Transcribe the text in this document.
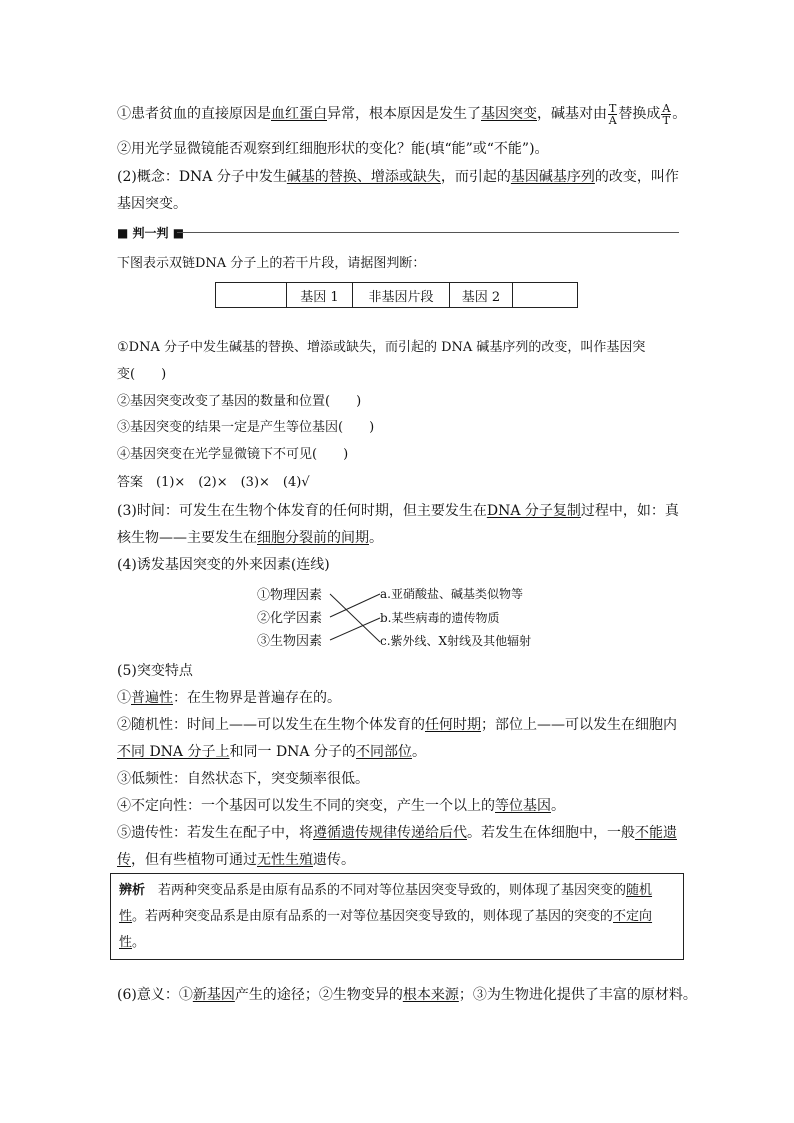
①患者贫血的直接原因是血红蛋白异常，根本原因是发生了基因突变，碱基对由 $\frac{T}{A}$ 替换成 $\frac{A}{T}$ 。
②用光学显微镜能否观察到红细胞形状的变化？能(填“能”或“不能”)。
(2)概念：DNA 分子中发生碱基的替换、增添或缺失，而引起的基因碱基序列的改变，叫作
基因突变。
■ 判一判 ■
下图表示双链DNA 分子上的若干片段，请据图判断：
	基因 1	非基因片段	基因 2	
①DNA 分子中发生碱基的替换、增添或缺失，而引起的 DNA 碱基序列的改变，叫作基因突
变(　　)
②基因突变改变了基因的数量和位置(　　)
③基因突变的结果一定是产生等位基因(　　)
④基因突变在光学显微镜下不可见(　　)
答案　(1)×　(2)×　(3)×　(4)√
(3)时间：可发生在生物个体发育的任何时期，但主要发生在DNA 分子复制过程中，如：真
核生物——主要发生在细胞分裂前的间期。
(4)诱发基因突变的外来因素(连线)
①物理因素
②化学因素
③生物因素
a.亚硝酸盐、碱基类似物等
b.某些病毒的遗传物质
c.紫外线、X射线及其他辐射
(5)突变特点
①普遍性：在生物界是普遍存在的。
②随机性：时间上——可以发生在生物个体发育的任何时期；部位上——可以发生在细胞内
不同 DNA 分子上和同一 DNA 分子的不同部位。
③低频性：自然状态下，突变频率很低。
④不定向性：一个基因可以发生不同的突变，产生一个以上的等位基因。
⑤遗传性：若发生在配子中，将遵循遗传规律传递给后代。若发生在体细胞中，一般不能遗
传，但有些植物可通过无性生殖遗传。
辨析　若两种突变品系是由原有品系的不同对等位基因突变导致的，则体现了基因突变的随机性。若两种突变品系是由原有品系的一对等位基因突变导致的，则体现了基因的突变的不定向性。
(6)意义：①新基因产生的途径；②生物变异的根本来源；③为生物进化提供了丰富的原材料。
